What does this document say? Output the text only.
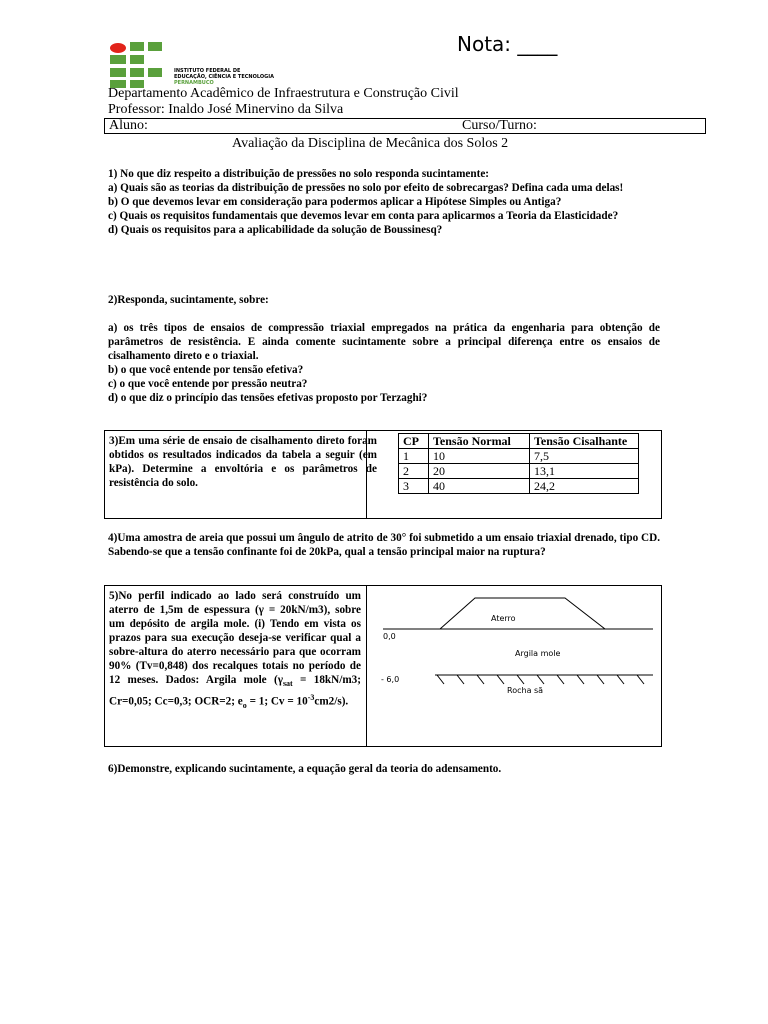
Nota: ____
INSTITUTO FEDERAL DE
EDUCAÇÃO, CIÊNCIA E TECNOLOGIA
PERNAMBUCO
Departamento Acadêmico de Infraestrutura e Construção Civil
Professor: Inaldo José Minervino da Silva
Aluno:	Curso/Turno:
Avaliação da Disciplina de Mecânica dos Solos 2

1) No que diz respeito a distribuição de pressões no solo responda sucintamente:

a) Quais são as teorias da distribuição de pressões no solo por efeito de sobrecargas? Defina cada uma delas!

b) O que devemos levar em consideração para podermos aplicar a Hipótese Simples ou Antiga?

c) Quais os requisitos fundamentais que devemos levar em conta para aplicarmos a Teoria da Elasticidade?

d) Quais os requisitos para a aplicabilidade da solução de Boussinesq?

2)Responda, sucintamente, sobre:

a) os três tipos de ensaios de compressão triaxial empregados na prática da engenharia para obtenção de parâmetros de resistência. E ainda comente sucintamente sobre a principal diferença entre os ensaios de cisalhamento direto e o triaxial.

b) o que você entende por tensão efetiva?

c) o que você entende por pressão neutra?

d) o que diz o princípio das tensões efetivas proposto por Terzaghi?

3)Em uma série de ensaio de cisalhamento direto foram obtidos os resultados indicados da tabela a seguir (em kPa). Determine a envoltória e os parâmetros de resistência do solo.
CP	Tensão Normal	Tensão Cisalhante
1	10	7,5
2	20	13,1
3	40	24,2

4)Uma amostra de areia que possui um ângulo de atrito de 30° foi submetido a um ensaio triaxial drenado, tipo CD. Sabendo-se que a tensão confinante foi de 20kPa, qual a tensão principal maior na ruptura?

5)No perfil indicado ao lado será construído um aterro de 1,5m de espessura (γ = 20kN/m3), sobre um depósito de argila mole. (i) Tendo em vista os prazos para sua execução deseja-se verificar qual a sobre-altura do aterro necessário para que ocorram 90% (Tv=0,848) dos recalques totais no período de 12 meses. Dados: Argila mole ($\gamma_{sat} = 18kN/m3$; Cr=0,05; Cc=0,3; OCR=2; $e_o = 1$; $Cv = 10^{-3}cm2/s$).
Aterro
0,0
Argila mole
- 6,0
Rocha sã

6)Demonstre, explicando sucintamente, a equação geral da teoria do adensamento.
